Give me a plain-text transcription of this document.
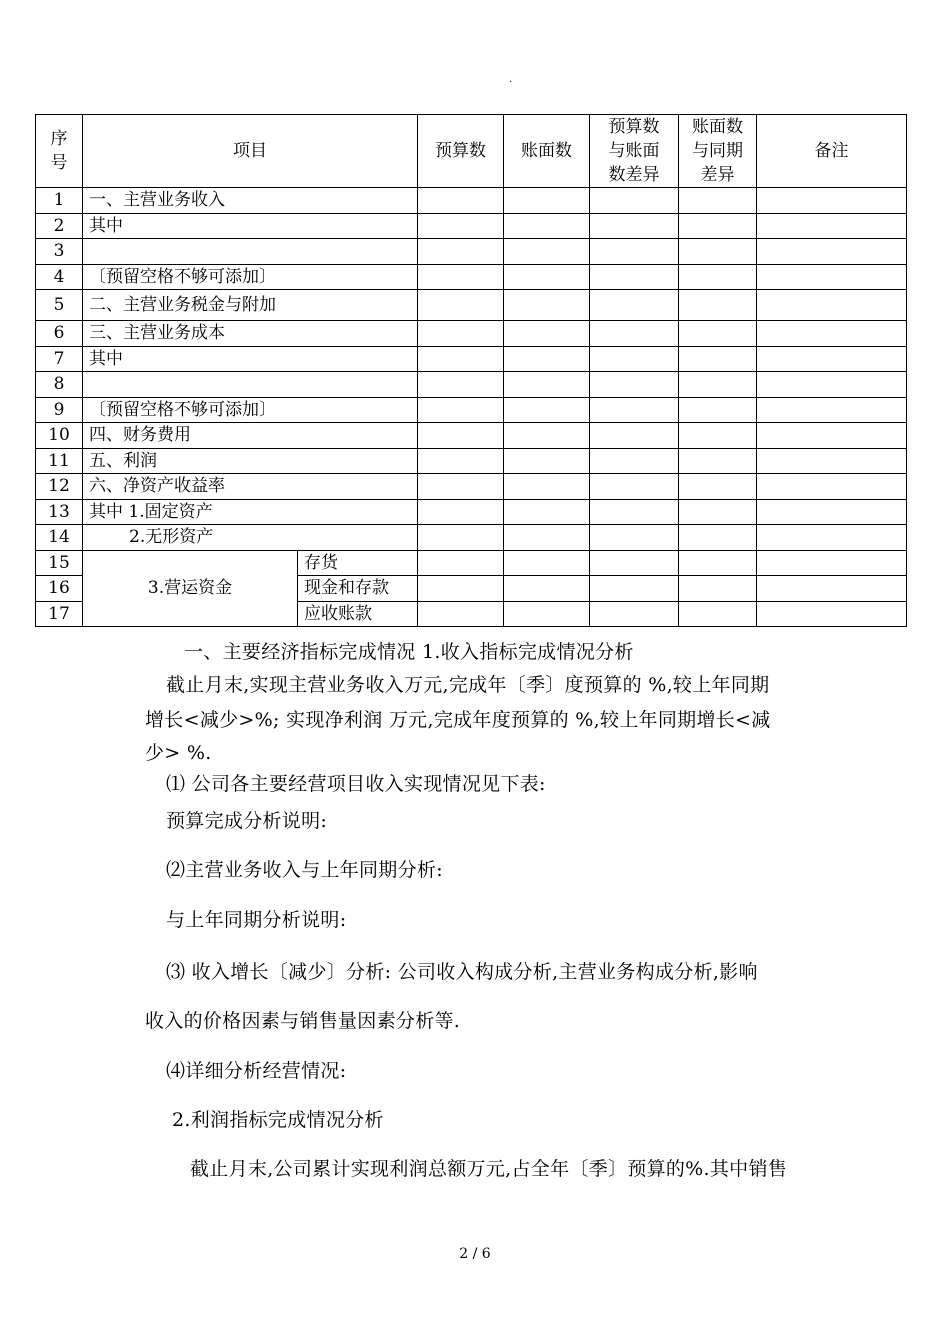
.
序
号	项目		预算数	账面数	预算数
与账面
数差异	账面数
与同期
差异	备注
1	一、主营业务收入						
2	其中						
3							
4	〔预留空格不够可添加〕						
5	二、主营业务税金与附加						
6	三、主营业务成本						
7	其中						
8							
9	〔预留空格不够可添加〕						
10	四、财务费用						
11	五、利润						
12	六、净资产收益率						
13	其中 1.固定资产						
14	2.无形资产						
15	3.营运资金	存货					
16		现金和存款					
17		应收账款					
一、主要经济指标完成情况 1.收入指标完成情况分析
截止月末,实现主营业务收入万元,完成年〔季〕度预算的 %,较上年同期
增长<减少>%; 实现净利润 万元,完成年度预算的 %,较上年同期增长<减
少> %.
⑴ 公司各主要经营项目收入实现情况见下表:
预算完成分析说明:
⑵主营业务收入与上年同期分析:
与上年同期分析说明:
⑶ 收入增长〔减少〕分析: 公司收入构成分析,主营业务构成分析,影响
收入的价格因素与销售量因素分析等.
⑷详细分析经营情况:
2.利润指标完成情况分析
截止月末,公司累计实现利润总额万元,占全年〔季〕预算的%.其中销售
2 / 6
